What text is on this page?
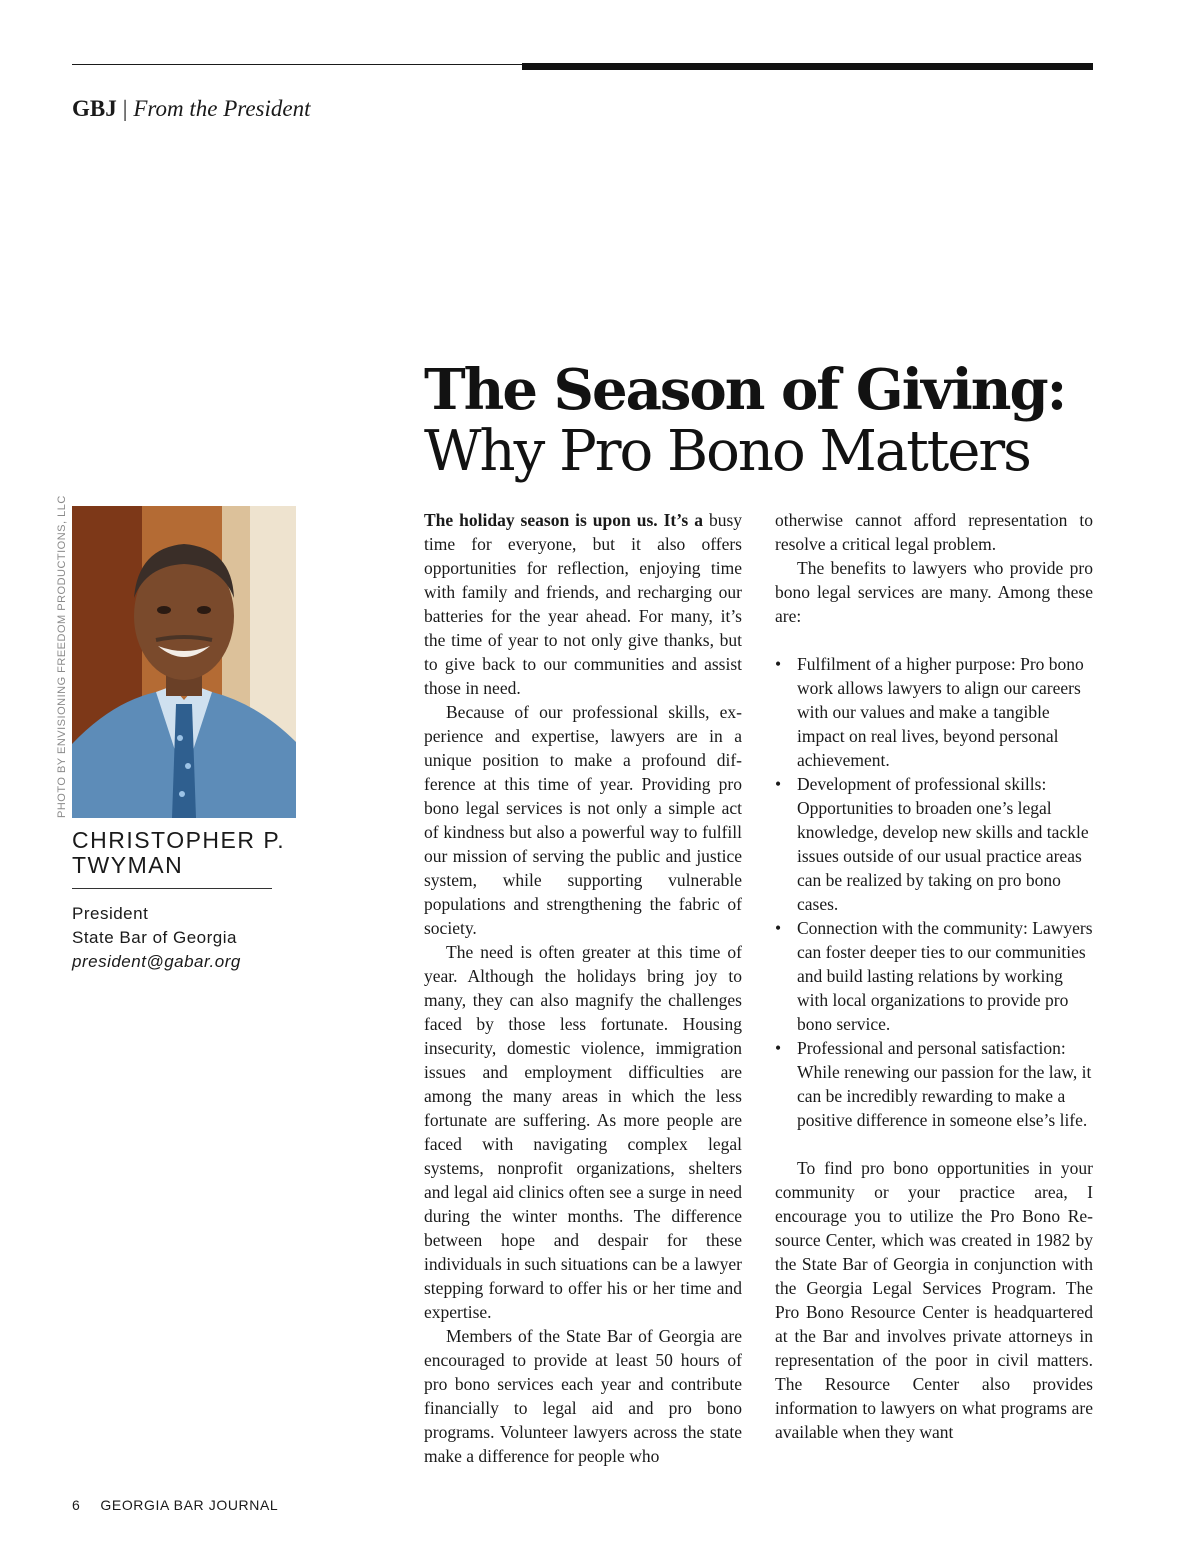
GBJ | From the President
The Season of Giving:
Why Pro Bono Matters
PHOTO BY ENVISIONING FREEDOM PRODUCTIONS, LLC
CHRISTOPHER P.
TWYMAN
President
State Bar of Georgia
president@gabar.org

The holiday season is upon us. It’s a busy time for everyone, but it also offers opportunities for reflection, enjoying time with family and friends, and recharging our batteries for the year ahead. For many, it’s the time of year to not only give thanks, but to give back to our communities and assist those in need.

Because of our professional skills, experience and expertise, lawyers are in a unique position to make a profound difference at this time of year. Providing pro bono legal services is not only a simple act of kindness but also a powerful way to fulfill our mission of serving the public and justice system, while supporting vulnerable populations and strengthening the fabric of society.

The need is often greater at this time of year. Although the holidays bring joy to many, they can also magnify the challenges faced by those less fortunate. Housing insecurity, domestic violence, immigration issues and employment difficulties are among the many areas in which the less fortunate are suffering. As more people are faced with navigating complex legal systems, nonprofit organizations, shelters and legal aid clinics often see a surge in need during the winter months. The difference between hope and despair for these individuals in such situations can be a lawyer stepping forward to offer his or her time and expertise.

Members of the State Bar of Georgia are encouraged to provide at least 50 hours of pro bono services each year and contribute financially to legal aid and pro bono programs. Volunteer lawyers across the state make a difference for people who

otherwise cannot afford representation to resolve a critical legal problem.

The benefits to lawyers who provide pro bono legal services are many. Among these are:

• Fulfilment of a higher purpose: Pro bono work allows lawyers to align our careers with our values and make a tangible impact on real lives, beyond personal achievement.
• Development of professional skills: Opportunities to broaden one’s legal knowledge, develop new skills and tackle issues outside of our usual practice areas can be realized by taking on pro bono cases.
• Connection with the community: Lawyers can foster deeper ties to our communities and build lasting relations by working with local organizations to provide pro bono service.
• Professional and personal satisfaction: While renewing our passion for the law, it can be incredibly rewarding to make a positive difference in someone else’s life.

To find pro bono opportunities in your community or your practice area, I encourage you to utilize the Pro Bono Resource Center, which was created in 1982 by the State Bar of Georgia in conjunction with the Georgia Legal Services Program. The Pro Bono Resource Center is headquartered at the Bar and involves private attorneys in representation of the poor in civil matters. The Resource Center also provides information to lawyers on what programs are available when they want

6 GEORGIA BAR JOURNAL
